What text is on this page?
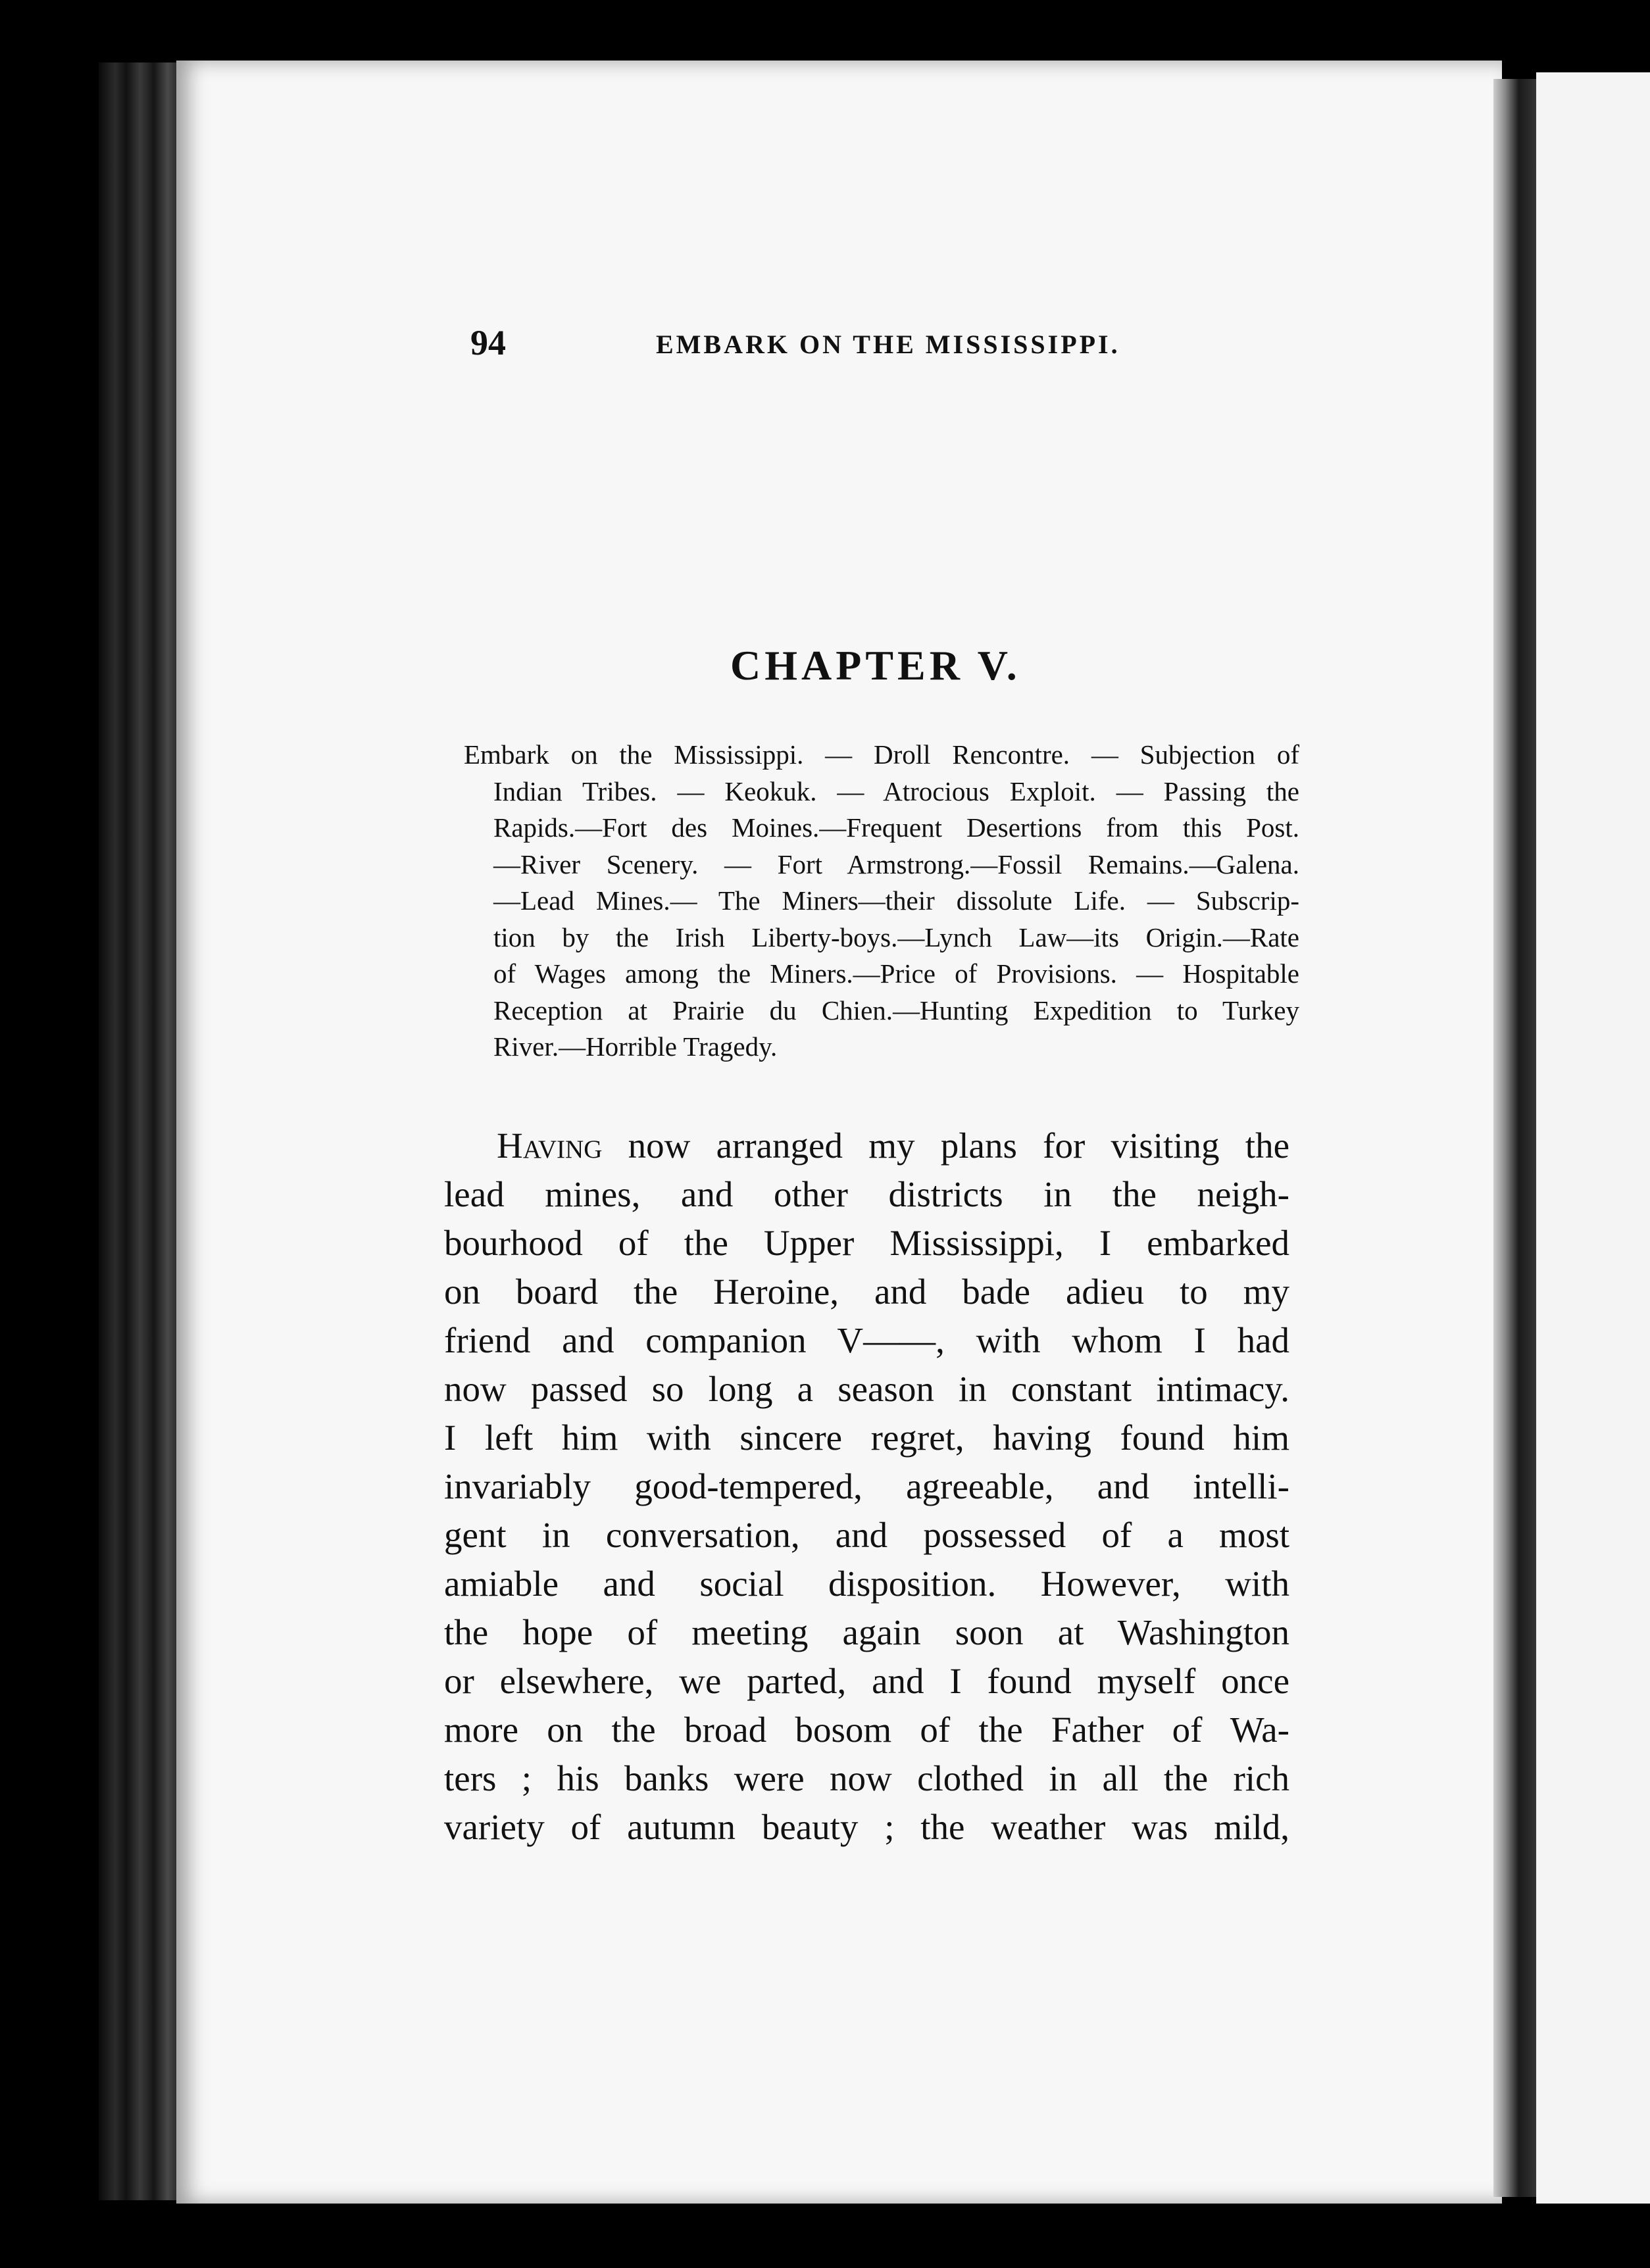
94	EMBARK ON THE MISSISSIPPI.
CHAPTER V.
Embark on the Mississippi. — Droll Rencontre. — Subjection of
Indian Tribes. — Keokuk. — Atrocious Exploit. — Passing the
Rapids.—Fort des Moines.—Frequent Desertions from this Post.
—River Scenery. — Fort Armstrong.—Fossil Remains.—Galena.
—Lead Mines.— The Miners—their dissolute Life. — Subscrip-
tion by the Irish Liberty-boys.—Lynch Law—its Origin.—Rate
of Wages among the Miners.—Price of Provisions. — Hospitable
Reception at Prairie du Chien.—Hunting Expedition to Turkey
River.—Horrible Tragedy.
Having now arranged my plans for visiting the
lead mines, and other districts in the neigh-
bourhood of the Upper Mississippi, I embarked
on board the Heroine, and bade adieu to my
friend and companion V——, with whom I had
now passed so long a season in constant intimacy.
I left him with sincere regret, having found him
invariably good-tempered, agreeable, and intelli-
gent in conversation, and possessed of a most
amiable and social disposition. However, with
the hope of meeting again soon at Washington
or elsewhere, we parted, and I found myself once
more on the broad bosom of the Father of Wa-
ters ; his banks were now clothed in all the rich
variety of autumn beauty ; the weather was mild,
